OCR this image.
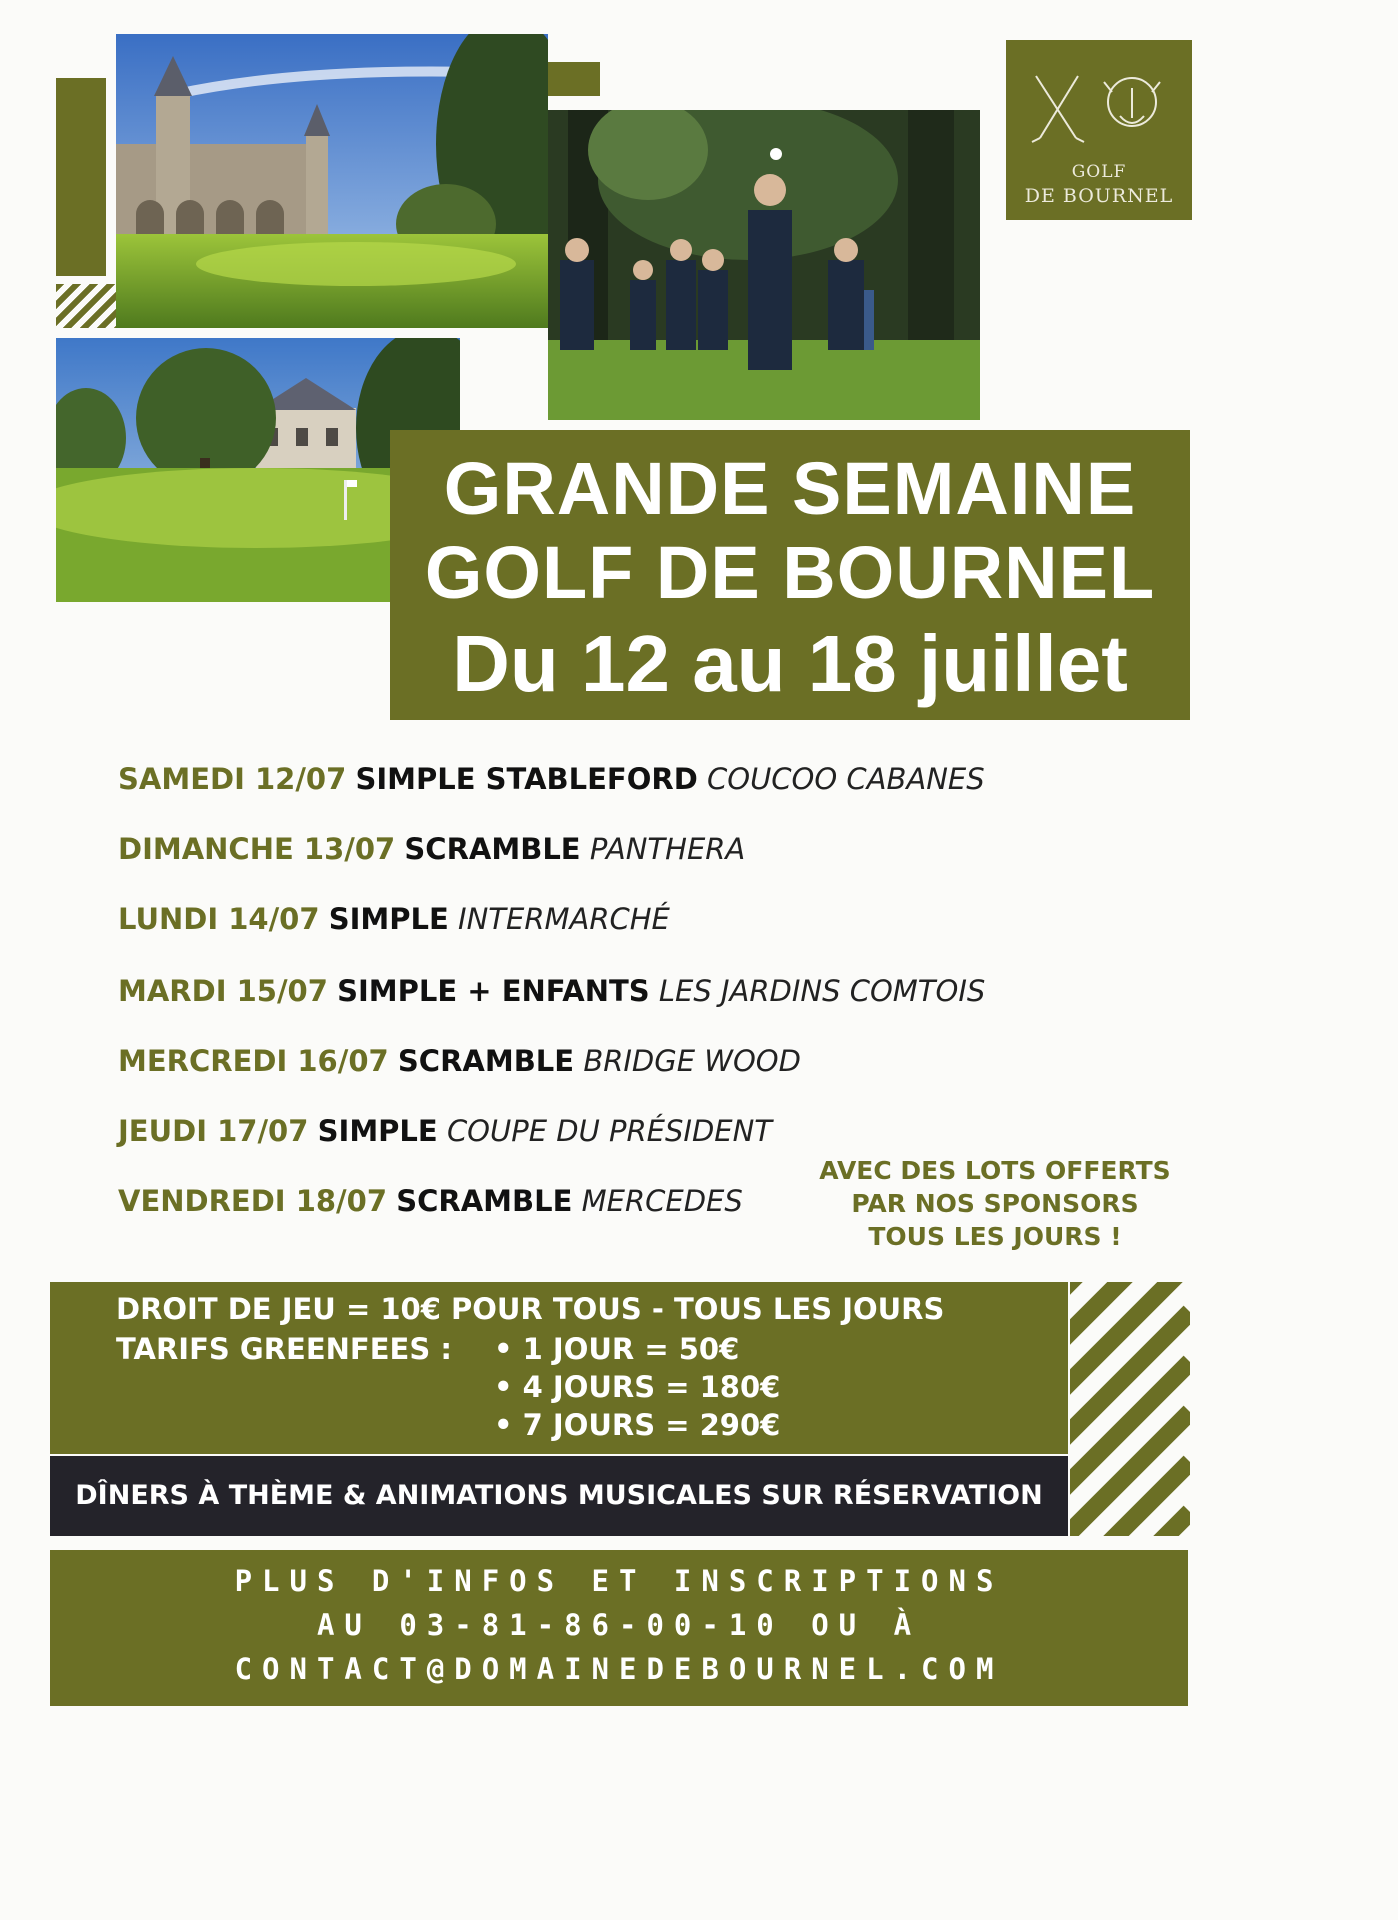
GOLF
DE BOURNEL
GRANDE SEMAINE
GOLF DE BOURNEL
Du 12 au 18 juillet
SAMEDI 12/07 SIMPLE STABLEFORD COUCOO CABANES
DIMANCHE 13/07 SCRAMBLE PANTHERA
LUNDI 14/07 SIMPLE INTERMARCHÉ
MARDI 15/07 SIMPLE + ENFANTS LES JARDINS COMTOIS
MERCREDI 16/07 SCRAMBLE BRIDGE WOOD
JEUDI 17/07 SIMPLE COUPE DU PRÉSIDENT
VENDREDI 18/07 SCRAMBLE MERCEDES
AVEC DES LOTS OFFERTS
PAR NOS SPONSORS
TOUS LES JOURS !
DROIT DE JEU = 10€ POUR TOUS - TOUS LES JOURS
TARIFS GREENFEES : • 1 JOUR = 50€
• 4 JOURS = 180€
• 7 JOURS = 290€
DÎNERS À THÈME & ANIMATIONS MUSICALES SUR RÉSERVATION
PLUS D'INFOS ET INSCRIPTIONS
AU 03-81-86-00-10 OU À
CONTACT@DOMAINEDEBOURNEL.COM
